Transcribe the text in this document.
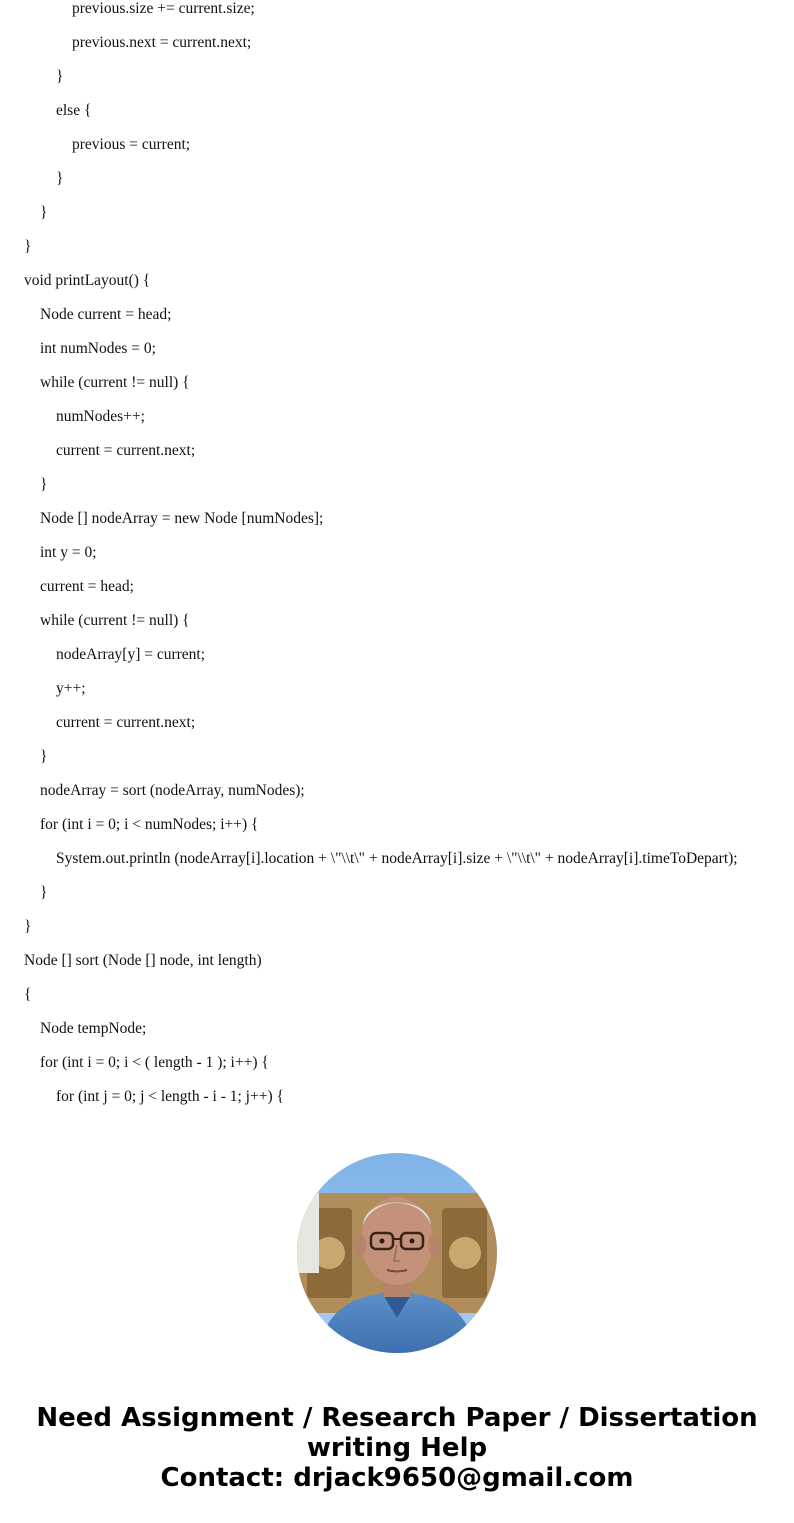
previous.size += current.size;
previous.next = current.next;
}
else {
previous = current;
}
}
}
void printLayout() {
Node current = head;
int numNodes = 0;
while (current != null) {
numNodes++;
current = current.next;
}
Node [] nodeArray = new Node [numNodes];
int y = 0;
current = head;
while (current != null) {
nodeArray[y] = current;
y++;
current = current.next;
}
nodeArray = sort (nodeArray, numNodes);
for (int i = 0; i < numNodes; i++) {
System.out.println (nodeArray[i].location + \"\\t\" + nodeArray[i].size + \"\\t\" + nodeArray[i].timeToDepart);
}
}
Node [] sort (Node [] node, int length)
{
Node tempNode;
for (int i = 0; i < ( length - 1 ); i++) {
for (int j = 0; j < length - i - 1; j++) {
Need Assignment / Research Paper / Dissertation
writing Help
Contact: drjack9650@gmail.com
